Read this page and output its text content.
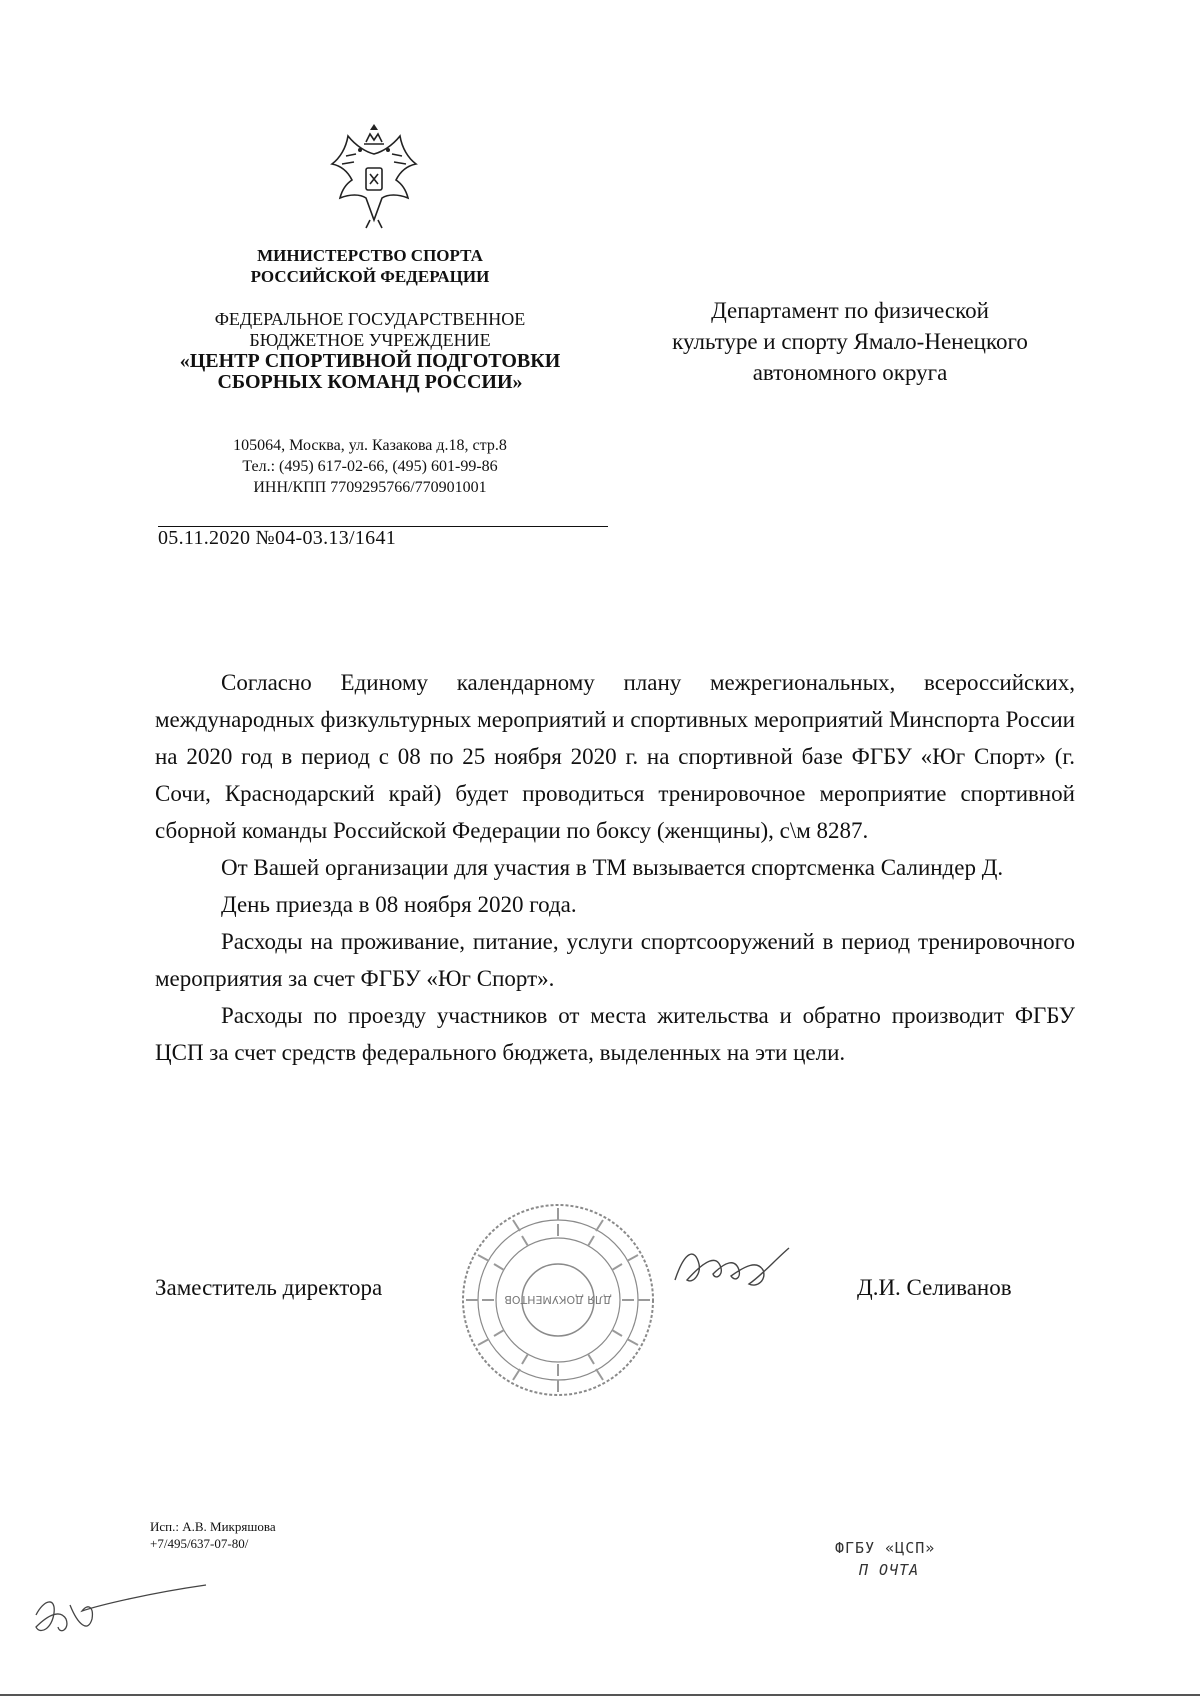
МИНИСТЕРСТВО СПОРТА
РОССИЙСКОЙ ФЕДЕРАЦИИ
ФЕДЕРАЛЬНОЕ ГОСУДАРСТВЕННОЕ
БЮДЖЕТНОЕ УЧРЕЖДЕНИЕ
«ЦЕНТР СПОРТИВНОЙ ПОДГОТОВКИ
СБОРНЫХ КОМАНД РОССИИ»
105064, Москва, ул. Казакова д.18, стр.8
Тел.: (495) 617-02-66, (495) 601-99-86
ИНН/КПП 7709295766/770901001
05.11.2020 №04-03.13/1641
Департамент по физической
культуре и спорту Ямало-Ненецкого
автономного округа

Согласно Единому календарному плану межрегиональных, всероссийских, международных физкультурных мероприятий и спортивных мероприятий Минспорта России на 2020 год в период с 08 по 25 ноября 2020 г. на спортивной базе ФГБУ «Юг Спорт» (г. Сочи, Краснодарский край) будет проводиться тренировочное мероприятие спортивной сборной команды Российской Федерации по боксу (женщины), с\м 8287.

От Вашей организации для участия в ТМ вызывается спортсменка Салиндер Д.

День приезда в 08 ноября 2020 года.

Расходы на проживание, питание, услуги спортсооружений в период тренировочного мероприятия за счет ФГБУ «Юг Спорт».

Расходы по проезду участников от места жительства и обратно производит ФГБУ ЦСП за счет средств федерального бюджета, выделенных на эти цели.

Заместитель директора	ДЛЯ ДОКУМЕНТОВ	Д.И. Селиванов
Исп.: А.В. Микряшова
+7/495/637-07-80/	ФГБУ «ЦСП»
П ОЧТА
